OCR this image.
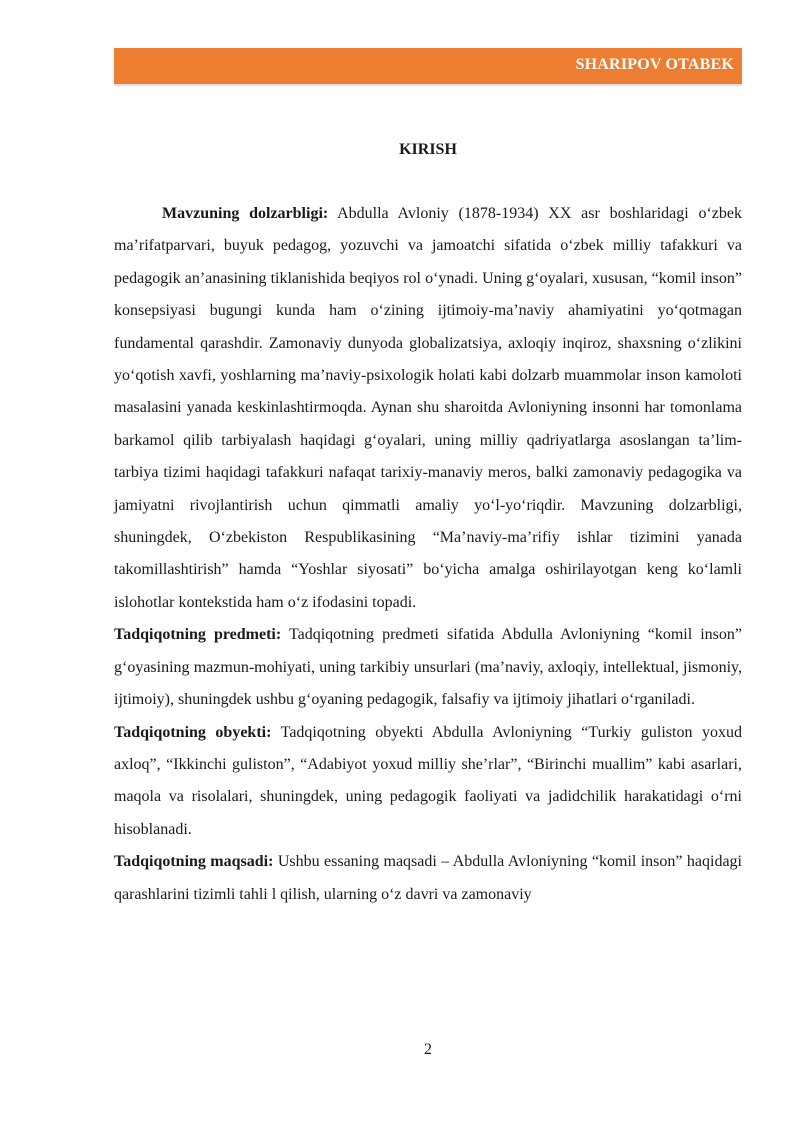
SHARIPOV OTABEK
KIRISH

Mavzuning dolzarbligi: Abdulla Avloniy (1878-1934) XX asr boshlaridagi o‘zbek ma’rifatparvari, buyuk pedagog, yozuvchi va jamoatchi sifatida o‘zbek milliy tafakkuri va pedagogik an’anasining tiklanishida beqiyos rol o‘ynadi. Uning g‘oyalari, xususan, “komil inson” konsepsiyasi bugungi kunda ham o‘zining ijtimoiy-ma’naviy ahamiyatini yo‘qotmagan fundamental qarashdir. Zamonaviy dunyoda globalizatsiya, axloqiy inqiroz, shaxsning o‘zlikini yo‘qotish xavfi, yoshlarning ma’naviy-psixologik holati kabi dolzarb muammolar inson kamoloti masalasini yanada keskinlashtirmoqda. Aynan shu sharoitda Avloniyning insonni har tomonlama barkamol qilib tarbiyalash haqidagi g‘oyalari, uning milliy qadriyatlarga asoslangan ta’lim-tarbiya tizimi haqidagi tafakkuri nafaqat tarixiy-manaviy meros, balki zamonaviy pedagogika va jamiyatni rivojlantirish uchun qimmatli amaliy yo‘l-yo‘riqdir. Mavzuning dolzarbligi, shuningdek, O‘zbekiston Respublikasining “Ma’naviy-ma’rifiy ishlar tizimini yanada takomillashtirish” hamda “Yoshlar siyosati” bo‘yicha amalga oshirilayotgan keng ko‘lamli islohotlar kontekstida ham o‘z ifodasini topadi.

Tadqiqotning predmeti: Tadqiqotning predmeti sifatida Abdulla Avloniyning “komil inson” g‘oyasining mazmun-mohiyati, uning tarkibiy unsurlari (ma’naviy, axloqiy, intellektual, jismoniy, ijtimoiy), shuningdek ushbu g‘oyaning pedagogik, falsafiy va ijtimoiy jihatlari o‘rganiladi.

Tadqiqotning obyekti: Tadqiqotning obyekti Abdulla Avloniyning “Turkiy guliston yoxud axloq”, “Ikkinchi guliston”, “Adabiyot yoxud milliy she’rlar”, “Birinchi muallim” kabi asarlari, maqola va risolalari, shuningdek, uning pedagogik faoliyati va jadidchilik harakatidagi o‘rni hisoblanadi.

Tadqiqotning maqsadi: Ushbu essaning maqsadi – Abdulla Avloniyning “komil inson” haqidagi qarashlarini tizimli tahli l qilish, ularning o‘z davri va zamonaviy

2
